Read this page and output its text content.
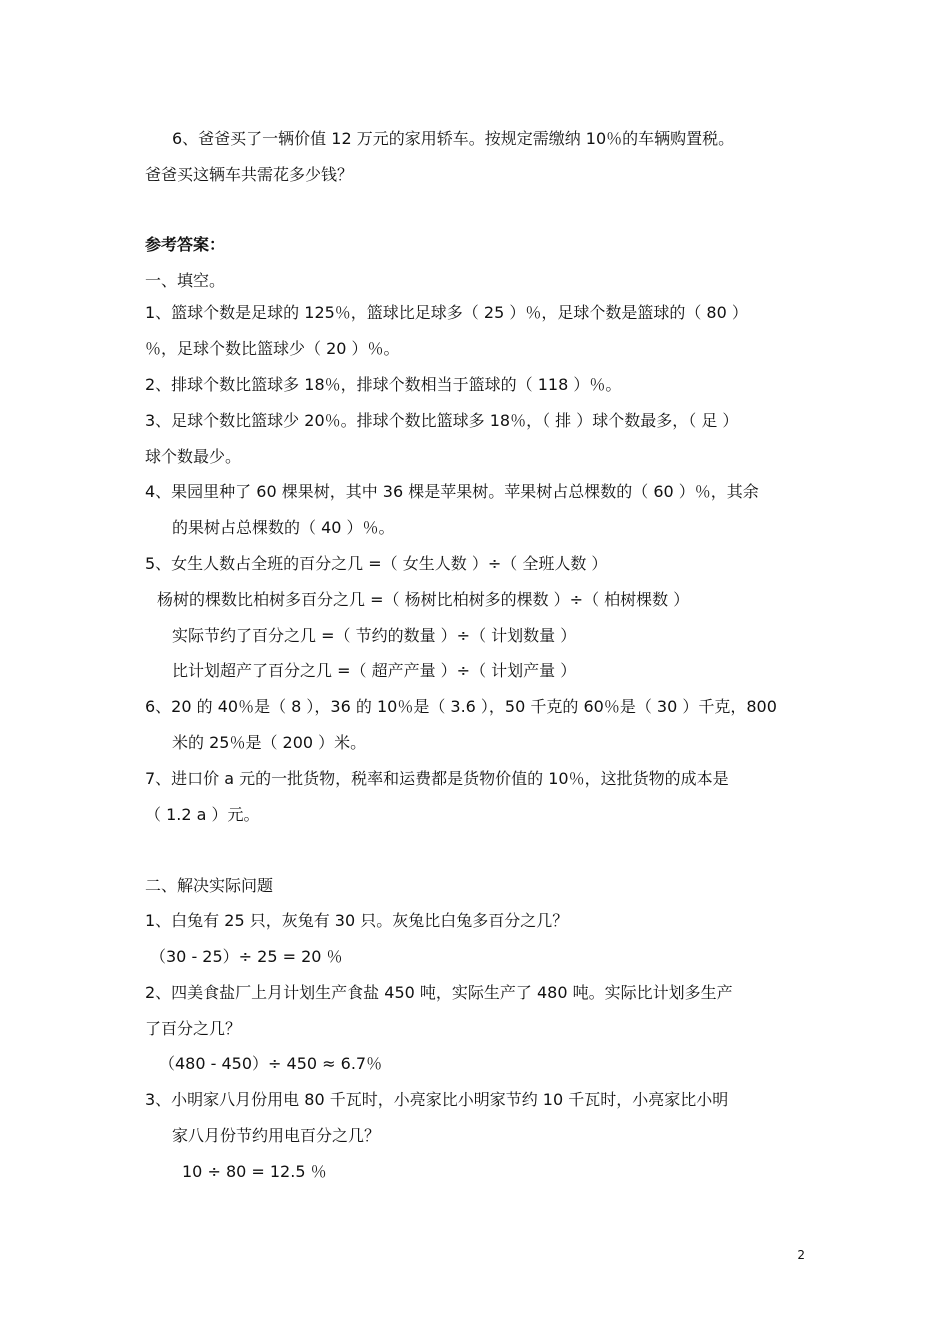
6、爸爸买了一辆价值 12 万元的家用轿车。按规定需缴纳 10％的车辆购置税。
爸爸买这辆车共需花多少钱？
参考答案：
一、填空。
1、篮球个数是足球的 125％，篮球比足球多（ 25 ）％，足球个数是篮球的（ 80 ）
％，足球个数比篮球少（ 20 ）％。
2、排球个数比篮球多 18％，排球个数相当于篮球的（ 118 ）％。
3、足球个数比篮球少 20％。排球个数比篮球多 18％，（ 排 ）球个数最多，（ 足 ）
球个数最少。
4、果园里种了 60 棵果树，其中 36 棵是苹果树。苹果树占总棵数的（ 60 ）％，其余
的果树占总棵数的（ 40 ）％。
5、女生人数占全班的百分之几 =（ 女生人数 ）÷（ 全班人数 ）
杨树的棵数比柏树多百分之几 =（ 杨树比柏树多的棵数 ）÷（ 柏树棵数 ）
实际节约了百分之几 =（ 节约的数量 ）÷（ 计划数量 ）
比计划超产了百分之几 =（ 超产产量 ）÷（ 计划产量 ）
6、20 的 40％是（ 8 ），36 的 10％是（ 3.6 ），50 千克的 60％是（ 30 ）千克，800
米的 25％是（ 200 ）米。
7、进口价 a 元的一批货物，税率和运费都是货物价值的 10％，这批货物的成本是
（ 1.2 a ）元。
二、解决实际问题
1、白兔有 25 只，灰兔有 30 只。灰兔比白兔多百分之几？
（30 - 25）÷ 25 = 20 ％
2、四美食盐厂上月计划生产食盐 450 吨，实际生产了 480 吨。实际比计划多生产
了百分之几？
（480 - 450）÷ 450 ≈ 6.7％
3、小明家八月份用电 80 千瓦时，小亮家比小明家节约 10 千瓦时，小亮家比小明
家八月份节约用电百分之几？
10 ÷ 80 = 12.5 ％
2
